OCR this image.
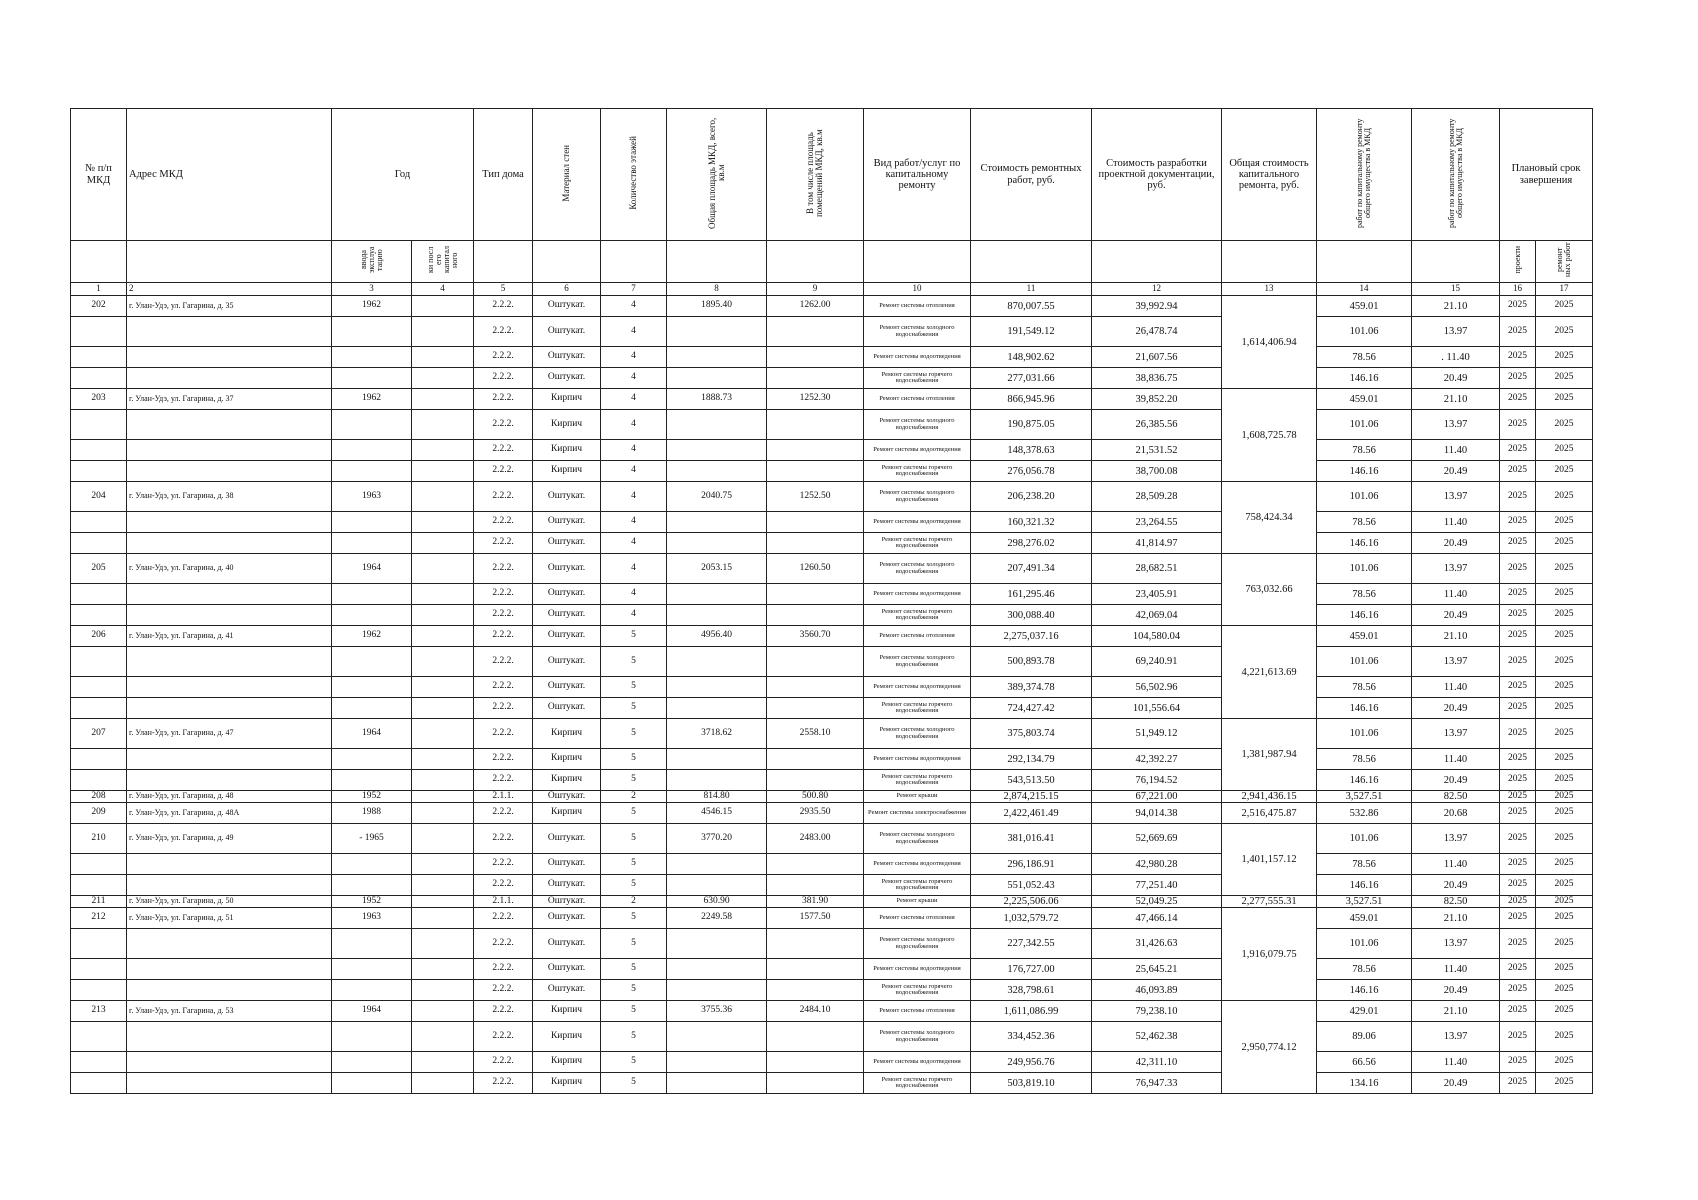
№ п/п МКД	Адрес МКД	Год		Тип дома	Материал стен	Количество этажей	Общая площадь МКД, всего, кв.м	В том числе площадь помещений МКД, кв.м	Вид работ/услуг по капитальному ремонту	Стоимость ремонтных работ, руб.	Стоимость разработки проектной документации, руб.	Общая стоимость капитального ремонта, руб.	работ по капитальному ремонту общего имущества в МКД	работ по капитальному ремонту общего имущества в МКД	Плановый срок завершения	
		ввода эксплуа тацию	ки посл его капитал ного												проекти	ремонт ных работ
1	2	3	4	5	6	7	8	9	10	11	12	13	14	15	16	17
202	г. Улан-Удэ, ул. Гагарина, д. 35	1962		2.2.2.	Оштукат.	4	1895.40	1262.00	Ремонт системы отопления	870,007.55	39,992.94	1,614,406.94	459.01	21.10	2025	2025
				2.2.2.	Оштукат.	4			Ремонт системы холодного водоснабжения	191,549.12	26,478.74		101.06	13.97	2025	2025
				2.2.2.	Оштукат.	4			Ремонт системы водоотведения	148,902.62	21,607.56		78.56	. 11.40	2025	2025
				2.2.2.	Оштукат.	4			Ремонт системы горячего водоснабжения	277,031.66	38,836.75		146.16	20.49	2025	2025
203	г. Улан-Удэ, ул. Гагарина, д. 37	1962		2.2.2.	Кирпич	4	1888.73	1252.30	Ремонт системы отопления	866,945.96	39,852.20	1,608,725.78	459.01	21.10	2025	2025
				2.2.2.	Кирпич	4			Ремонт системы холодного водоснабжения	190,875.05	26,385.56		101.06	13.97	2025	2025
				2.2.2.	Кирпич	4			Ремонт системы водоотведения	148,378.63	21,531.52		78.56	11.40	2025	2025
				2.2.2.	Кирпич	4			Ремонт системы горячего водоснабжения	276,056.78	38,700.08		146.16	20.49	2025	2025
204	г. Улан-Удэ, ул. Гагарина, д. 38	1963		2.2.2.	Оштукат.	4	2040.75	1252.50	Ремонт системы холодного водоснабжения	206,238.20	28,509.28	758,424.34	101.06	13.97	2025	2025
				2.2.2.	Оштукат.	4			Ремонт системы водоотведения	160,321.32	23,264.55		78.56	11.40	2025	2025
				2.2.2.	Оштукат.	4			Ремонт системы горячего водоснабжения	298,276.02	41,814.97		146.16	20.49	2025	2025
205	г. Улан-Удэ, ул. Гагарина, д. 40	1964		2.2.2.	Оштукат.	4	2053.15	1260.50	Ремонт системы холодного водоснабжения	207,491.34	28,682.51	763,032.66	101.06	13.97	2025	2025
				2.2.2.	Оштукат.	4			Ремонт системы водоотведения	161,295.46	23,405.91		78.56	11.40	2025	2025
				2.2.2.	Оштукат.	4			Ремонт системы горячего водоснабжения	300,088.40	42,069.04		146.16	20.49	2025	2025
206	г. Улан-Удэ, ул. Гагарина, д. 41	1962		2.2.2.	Оштукат.	5	4956.40	3560.70	Ремонт системы отопления	2,275,037.16	104,580.04	4,221,613.69	459.01	21.10	2025	2025
				2.2.2.	Оштукат.	5			Ремонт системы холодного водоснабжения	500,893.78	69,240.91		101.06	13.97	2025	2025
				2.2.2.	Оштукат.	5			Ремонт системы водоотведения	389,374.78	56,502.96		78.56	11.40	2025	2025
				2.2.2.	Оштукат.	5			Ремонт системы горячего водоснабжения	724,427.42	101,556.64		146.16	20.49	2025	2025
207	г. Улан-Удэ, ул. Гагарина, д. 47	1964		2.2.2.	Кирпич	5	3718.62	2558.10	Ремонт системы холодного водоснабжения	375,803.74	51,949.12	1,381,987.94	101.06	13.97	2025	2025
				2.2.2.	Кирпич	5			Ремонт системы водоотведения	292,134.79	42,392.27		78.56	11.40	2025	2025
				2.2.2.	Кирпич	5			Ремонт системы горячего водоснабжения	543,513.50	76,194.52		146.16	20.49	2025	2025
208	г. Улан-Удэ, ул. Гагарина, д. 48	1952		2.1.1.	Оштукат.	2	814.80	500.80	Ремонт крыши	2,874,215.15	67,221.00	2,941,436.15	3,527.51	82.50	2025	2025
209	г. Улан-Удэ, ул. Гагарина, д. 48А	1988		2.2.2.	Кирпич	5	4546.15	2935.50	Ремонт системы электроснабжения	2,422,461.49	94,014.38	2,516,475.87	532.86	20.68	2025	2025
210	г. Улан-Удэ, ул. Гагарина, д. 49	- 1965		2.2.2.	Оштукат.	5	3770.20	2483.00	Ремонт системы холодного водоснабжения	381,016.41	52,669.69	1,401,157.12	101.06	13.97	2025	2025
				2.2.2.	Оштукат.	5			Ремонт системы водоотведения	296,186.91	42,980.28		78.56	11.40	2025	2025
				2.2.2.	Оштукат.	5			Ремонт системы горячего водоснабжения	551,052.43	77,251.40		146.16	20.49	2025	2025
211	г. Улан-Удэ, ул. Гагарина, д. 50	1952		2.1.1.	Оштукат.	2	630.90	381.90	Ремонт крыши	2,225,506.06	52,049.25	2,277,555.31	3,527.51	82.50	2025	2025
212	г. Улан-Удэ, ул. Гагарина, д. 51	1963		2.2.2.	Оштукат.	5	2249.58	1577.50	Ремонт системы отопления	1,032,579.72	47,466.14	1,916,079.75	459.01	21.10	2025	2025
				2.2.2.	Оштукат.	5			Ремонт системы холодного водоснабжения	227,342.55	31,426.63		101.06	13.97	2025	2025
				2.2.2.	Оштукат.	5			Ремонт системы водоотведения	176,727.00	25,645.21		78.56	11.40	2025	2025
				2.2.2.	Оштукат.	5			Ремонт системы горячего водоснабжения	328,798.61	46,093.89		146.16	20.49	2025	2025
213	г. Улан-Удэ, ул. Гагарина, д. 53	1964		2.2.2.	Кирпич	5	3755.36	2484.10	Ремонт системы отопления	1,611,086.99	79,238.10	2,950,774.12	429.01	21.10	2025	2025
				2.2.2.	Кирпич	5			Ремонт системы холодного водоснабжения	334,452.36	52,462.38		89.06	13.97	2025	2025
				2.2.2.	Кирпич	5			Ремонт системы водоотведения	249,956.76	42,311.10		66.56	11.40	2025	2025
				2.2.2.	Кирпич	5			Ремонт системы горячего водоснабжения	503,819.10	76,947.33		134.16	20.49	2025	2025
